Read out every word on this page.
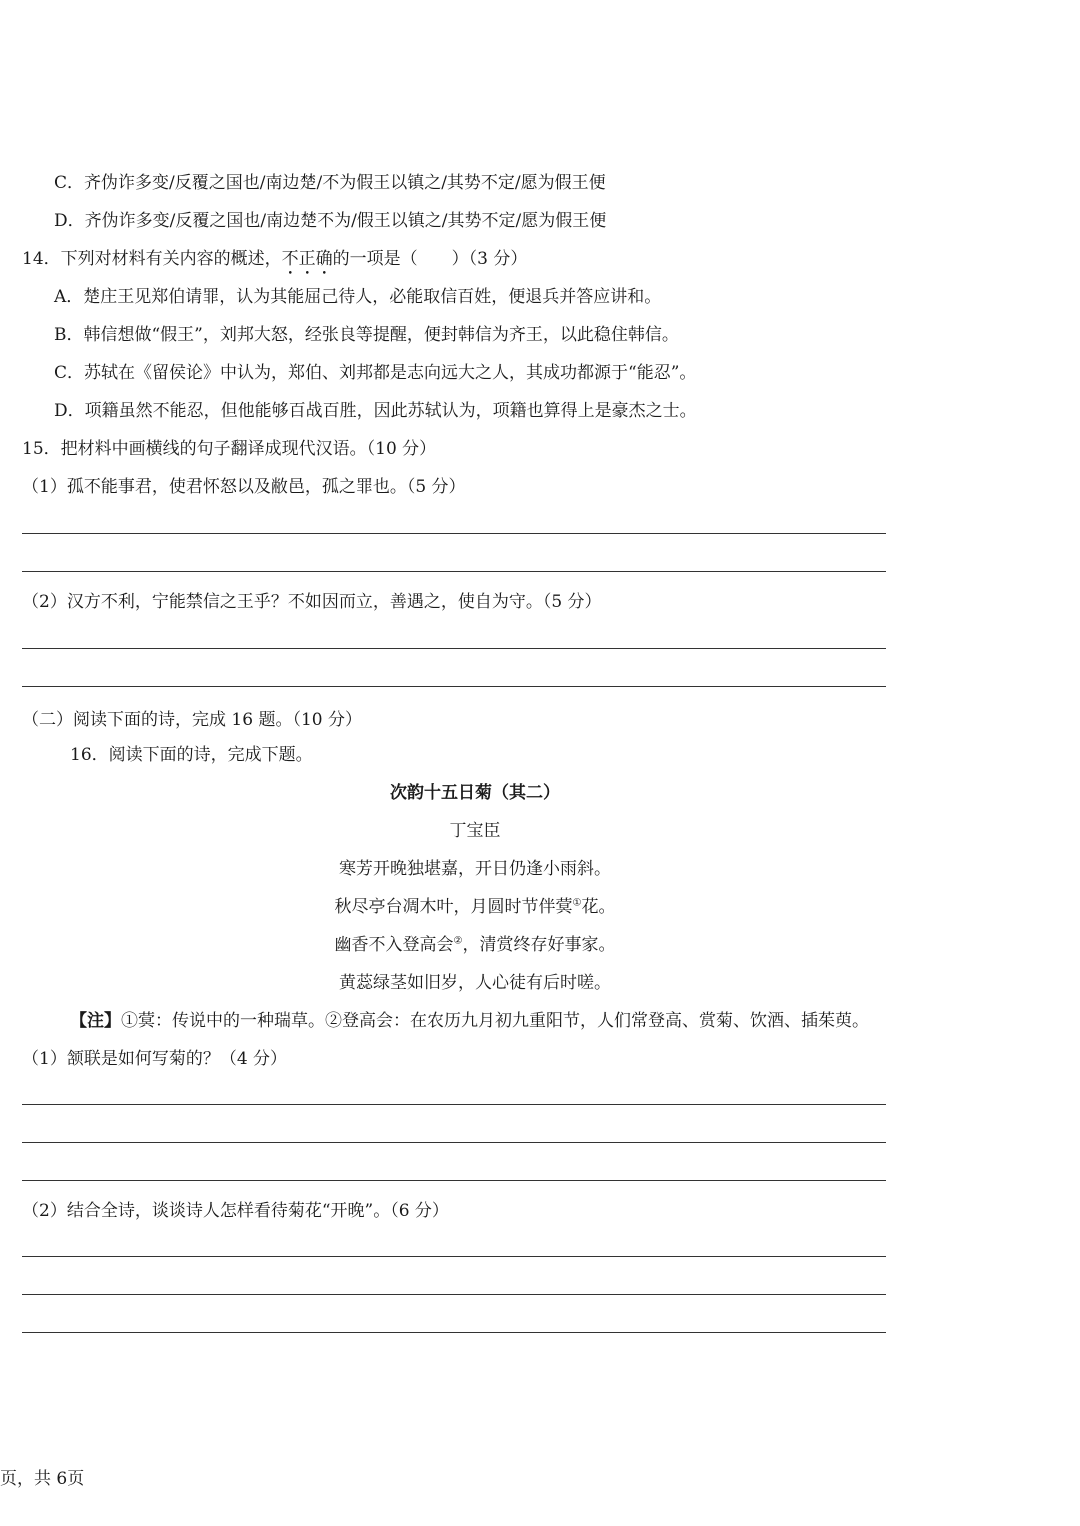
C．齐伪诈多变/反覆之国也/南边楚/不为假王以镇之/其势不定/愿为假王便
D．齐伪诈多变/反覆之国也/南边楚不为/假王以镇之/其势不定/愿为假王便
14．下列对材料有关内容的概述，不正确的一项是（　　）（3 分）
A．楚庄王见郑伯请罪，认为其能屈己待人，必能取信百姓，便退兵并答应讲和。
B．韩信想做“假王”，刘邦大怒，经张良等提醒，便封韩信为齐王，以此稳住韩信。
C．苏轼在《留侯论》中认为，郑伯、刘邦都是志向远大之人，其成功都源于“能忍”。
D．项籍虽然不能忍，但他能够百战百胜，因此苏轼认为，项籍也算得上是豪杰之士。
15．把材料中画横线的句子翻译成现代汉语。（10 分）
（1）孤不能事君，使君怀怒以及敝邑，孤之罪也。（5 分）
（2）汉方不利，宁能禁信之王乎？不如因而立，善遇之，使自为守。（5 分）
（二）阅读下面的诗，完成 16 题。（10 分）
16．阅读下面的诗，完成下题。
次韵十五日菊（其二）
丁宝臣
寒芳开晚独堪嘉，开日仍逢小雨斜。
秋尽亭台凋木叶，月圆时节伴蓂①花。
幽香不入登高会②，清赏终存好事家。
黄蕊绿茎如旧岁，人心徒有后时嗟。
【注】①蓂：传说中的一种瑞草。②登高会：在农历九月初九重阳节，人们常登高、赏菊、饮酒、插茱萸。
（1）颔联是如何写菊的？（4 分）
（2）结合全诗，谈谈诗人怎样看待菊花“开晚”。（6 分）
页，共 6页
